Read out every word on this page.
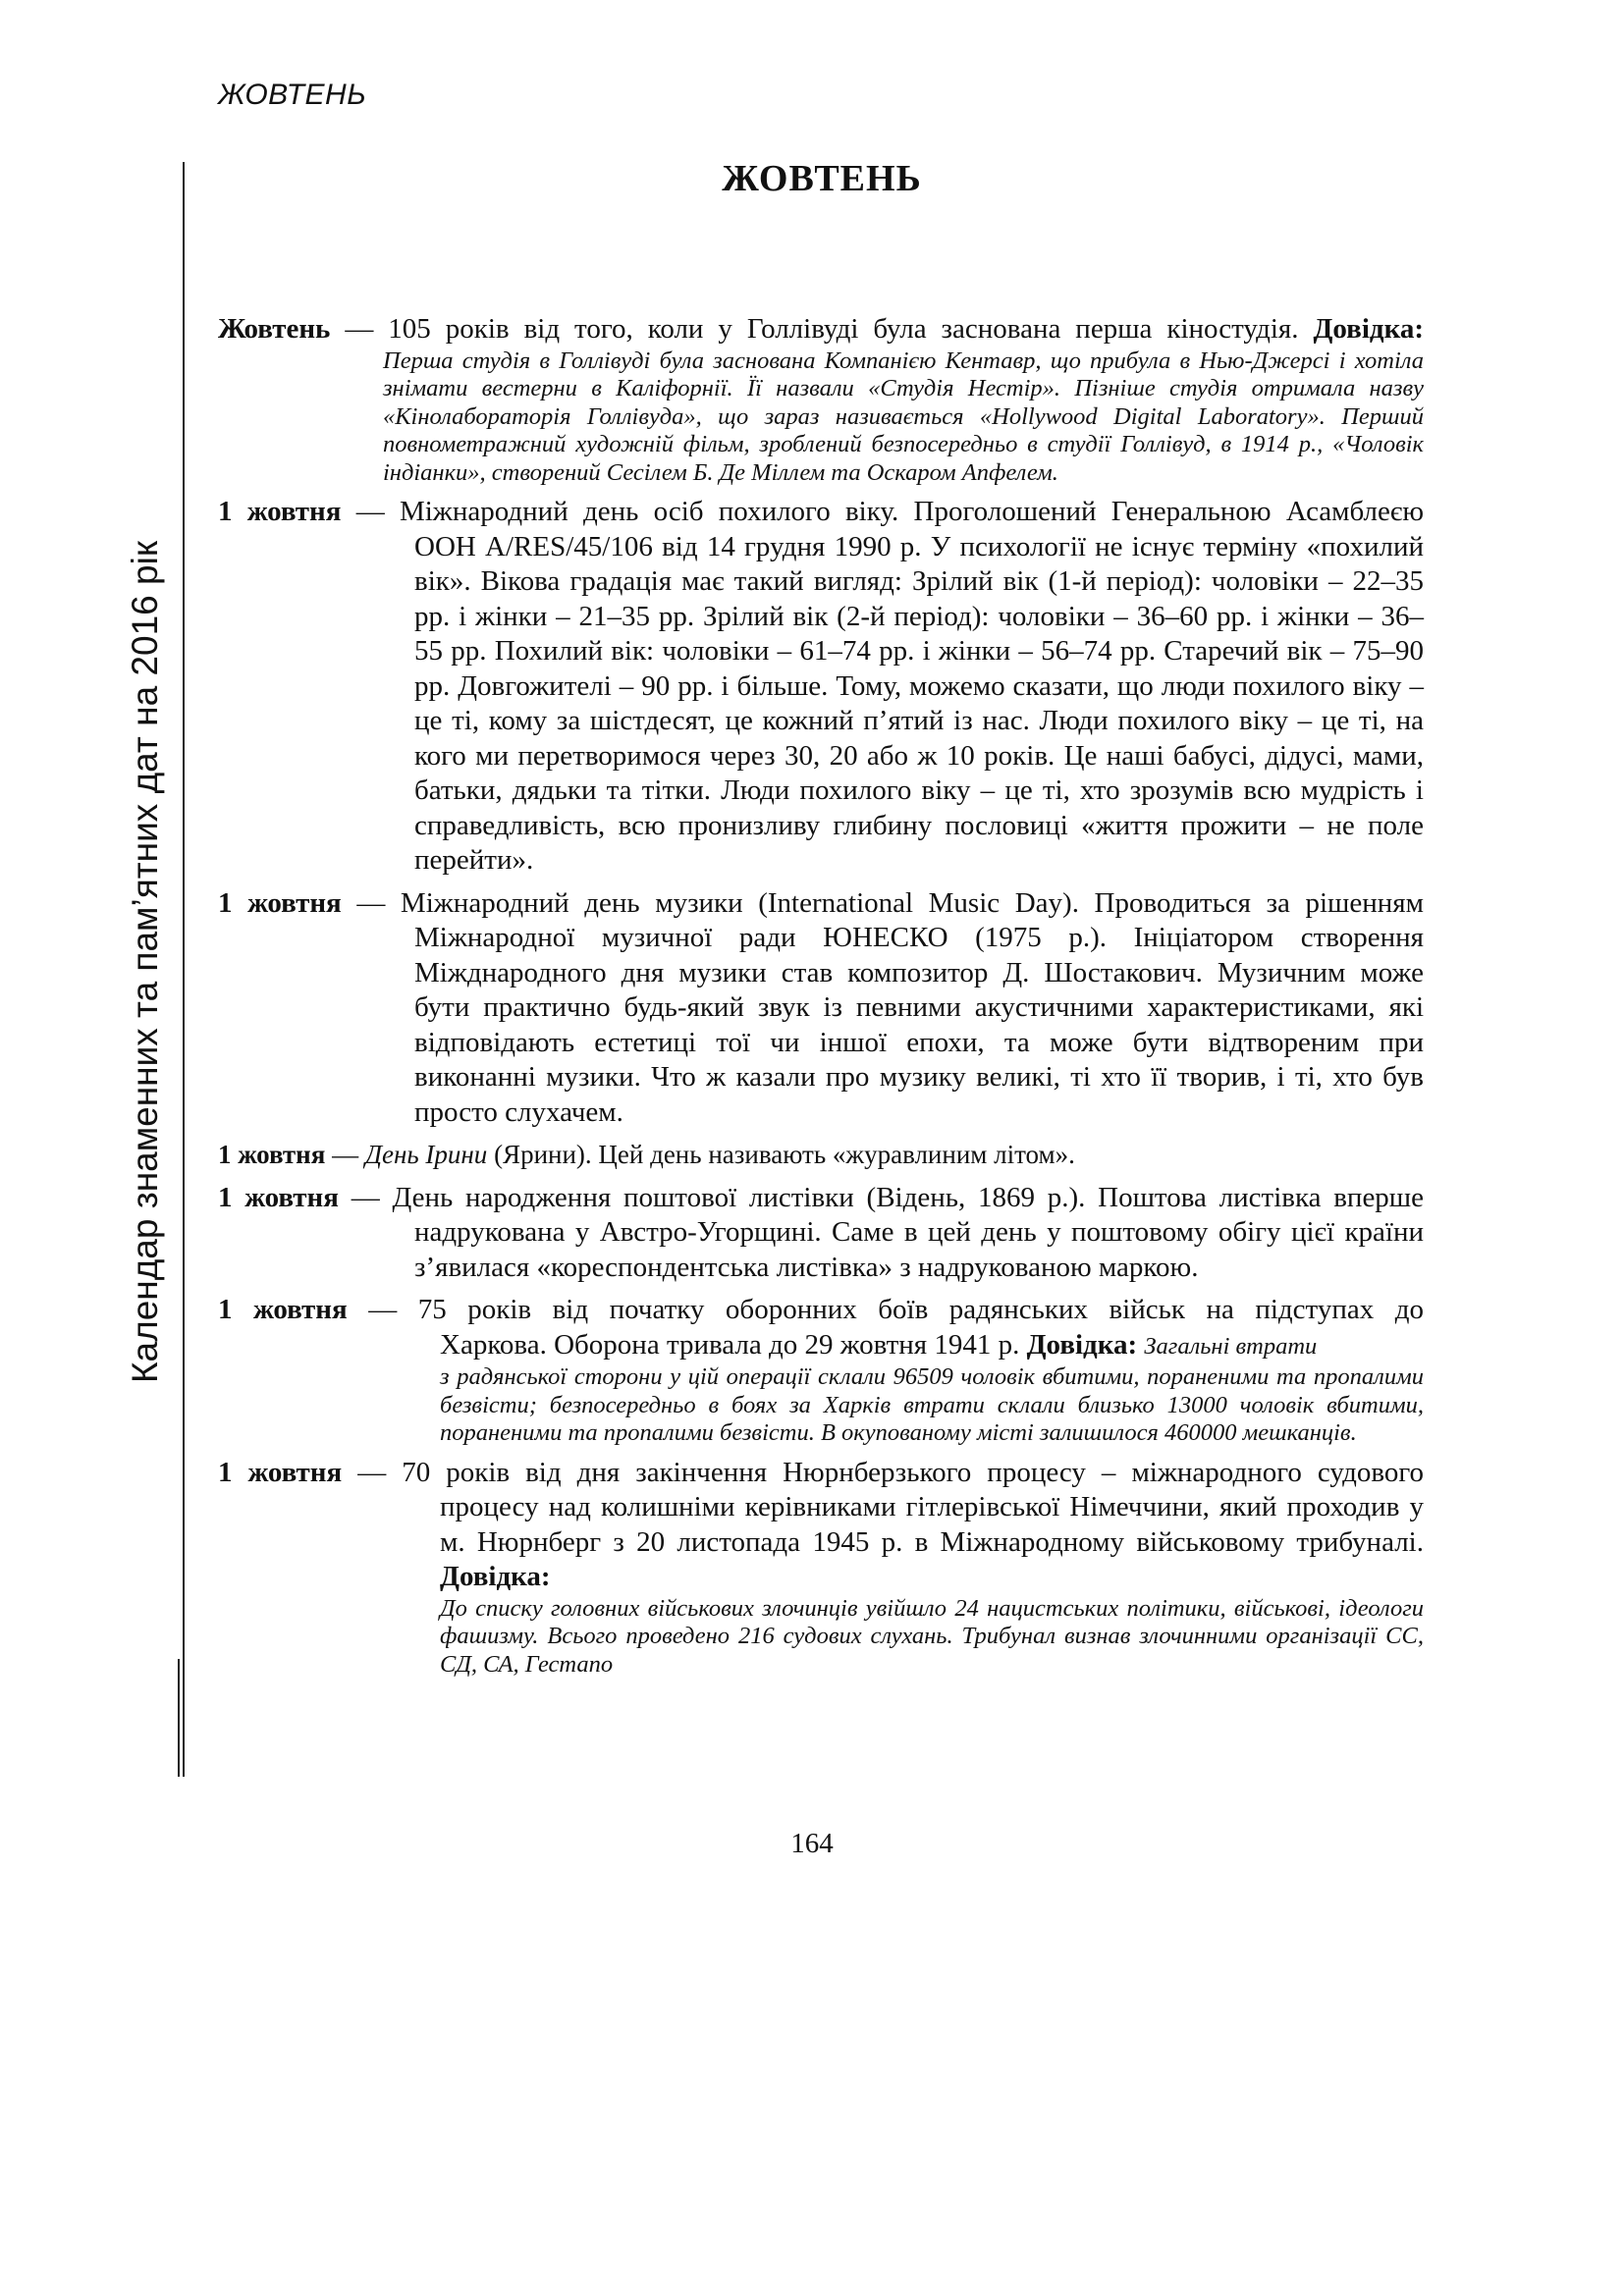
ЖОВТЕНЬ
Календар знаменних та пам’ятних дат на 2016 рік
ЖОВТЕНЬ
Жовтень — 105 років від того, коли у Голлівуді була заснована перша кіностудія. Довідка:
Перша студія в Голлівуді була заснована Компанією Кентавр, що прибула в Нью-Джерсі і хотіла знімати вестерни в Каліфорнії. Її назвали «Студія Нестір». Пізніше студія отримала назву «Кінолабораторія Голлівуда», що зараз називається «Hollywood Digital Laboratory». Перший повнометражний художній фільм, зроблений безпосередньо в студії Голлівуд, в 1914 р., «Чоловік індіанки», створений Сесілем Б. Де Міллем та Оскаром Апфелем.
1 жовтня — Міжнародний день осіб похилого віку. Проголошений Генеральною Асамблеєю
ООН A/RES/45/106 від 14 грудня 1990 р. У психології не існує терміну «похилий вік». Вікова градація має такий вигляд: Зрілий вік (1-й період): чоловіки – 22–35 рр. і жінки – 21–35 рр. Зрілий вік (2-й період): чоловіки – 36–60 рр. і жінки – 36–55 рр. Похилий вік: чоловіки – 61–74 рр. і жінки – 56–74 рр. Старечий вік – 75–90 рр. Довгожителі – 90 рр. і більше. Тому, можемо сказати, що люди похилого віку – це ті, кому за шістдесят, це кожний п’ятий із нас. Люди похилого віку – це ті, на кого ми перетворимося через 30, 20 або ж 10 років. Це наші бабусі, дідусі, мами, батьки, дядьки та тітки. Люди похилого віку – це ті, хто зрозумів всю мудрість і справедливість, всю пронизливу глибину пословиці «життя прожити – не поле перейти».
1 жовтня — Міжнародний день музики (International Music Day). Проводиться за рішенням
Міжнародної музичної ради ЮНЕСКО (1975 р.). Ініціатором створення Міжднародного дня музики став композитор Д. Шостакович. Музичним може бути практично будь-який звук із певними акустичними характеристиками, які відповідають естетиці тої чи іншої епохи, та може бути відтвореним при виконанні музики. Что ж казали про музику великі, ті хто її творив, і ті, хто був просто слухачем.
1 жовтня — День Ірини (Ярини). Цей день називають «журавлиним літом».
1 жовтня — День народження поштової листівки (Відень, 1869 р.). Поштова листівка вперше
надрукована у Австро-Угорщині. Саме в цей день у поштовому обігу цієї країни з’явилася «кореспондентська листівка» з надрукованою маркою.
1 жовтня — 75 років від початку оборонних боїв радянських військ на підступах до
Харкова. Оборона тривала до 29 жовтня 1941 р. Довідка: Загальні втрати
з радянської сторони у цій операції склали 96509 чоловік вбитими, пораненими та пропалими безвісти; безпосередньо в боях за Харків втрати склали близько 13000 чоловік вбитими, пораненими та пропалими безвісти. В окупованому місті залишилося 460000 мешканців.
1 жовтня — 70 років від дня закінчення Нюрнберзького процесу – міжнародного судового
процесу над колишніми керівниками гітлерівської Німеччини, який проходив у м. Нюрнберг з 20 листопада 1945 р. в Міжнародному військовому трибуналі. Довідка:
До списку головних військових злочинців увійшло 24 нацистських політики, військові, ідеологи фашизму. Всього проведено 216 судових слухань. Трибунал визнав злочинними організації СС, СД, СА, Гестапо
164
